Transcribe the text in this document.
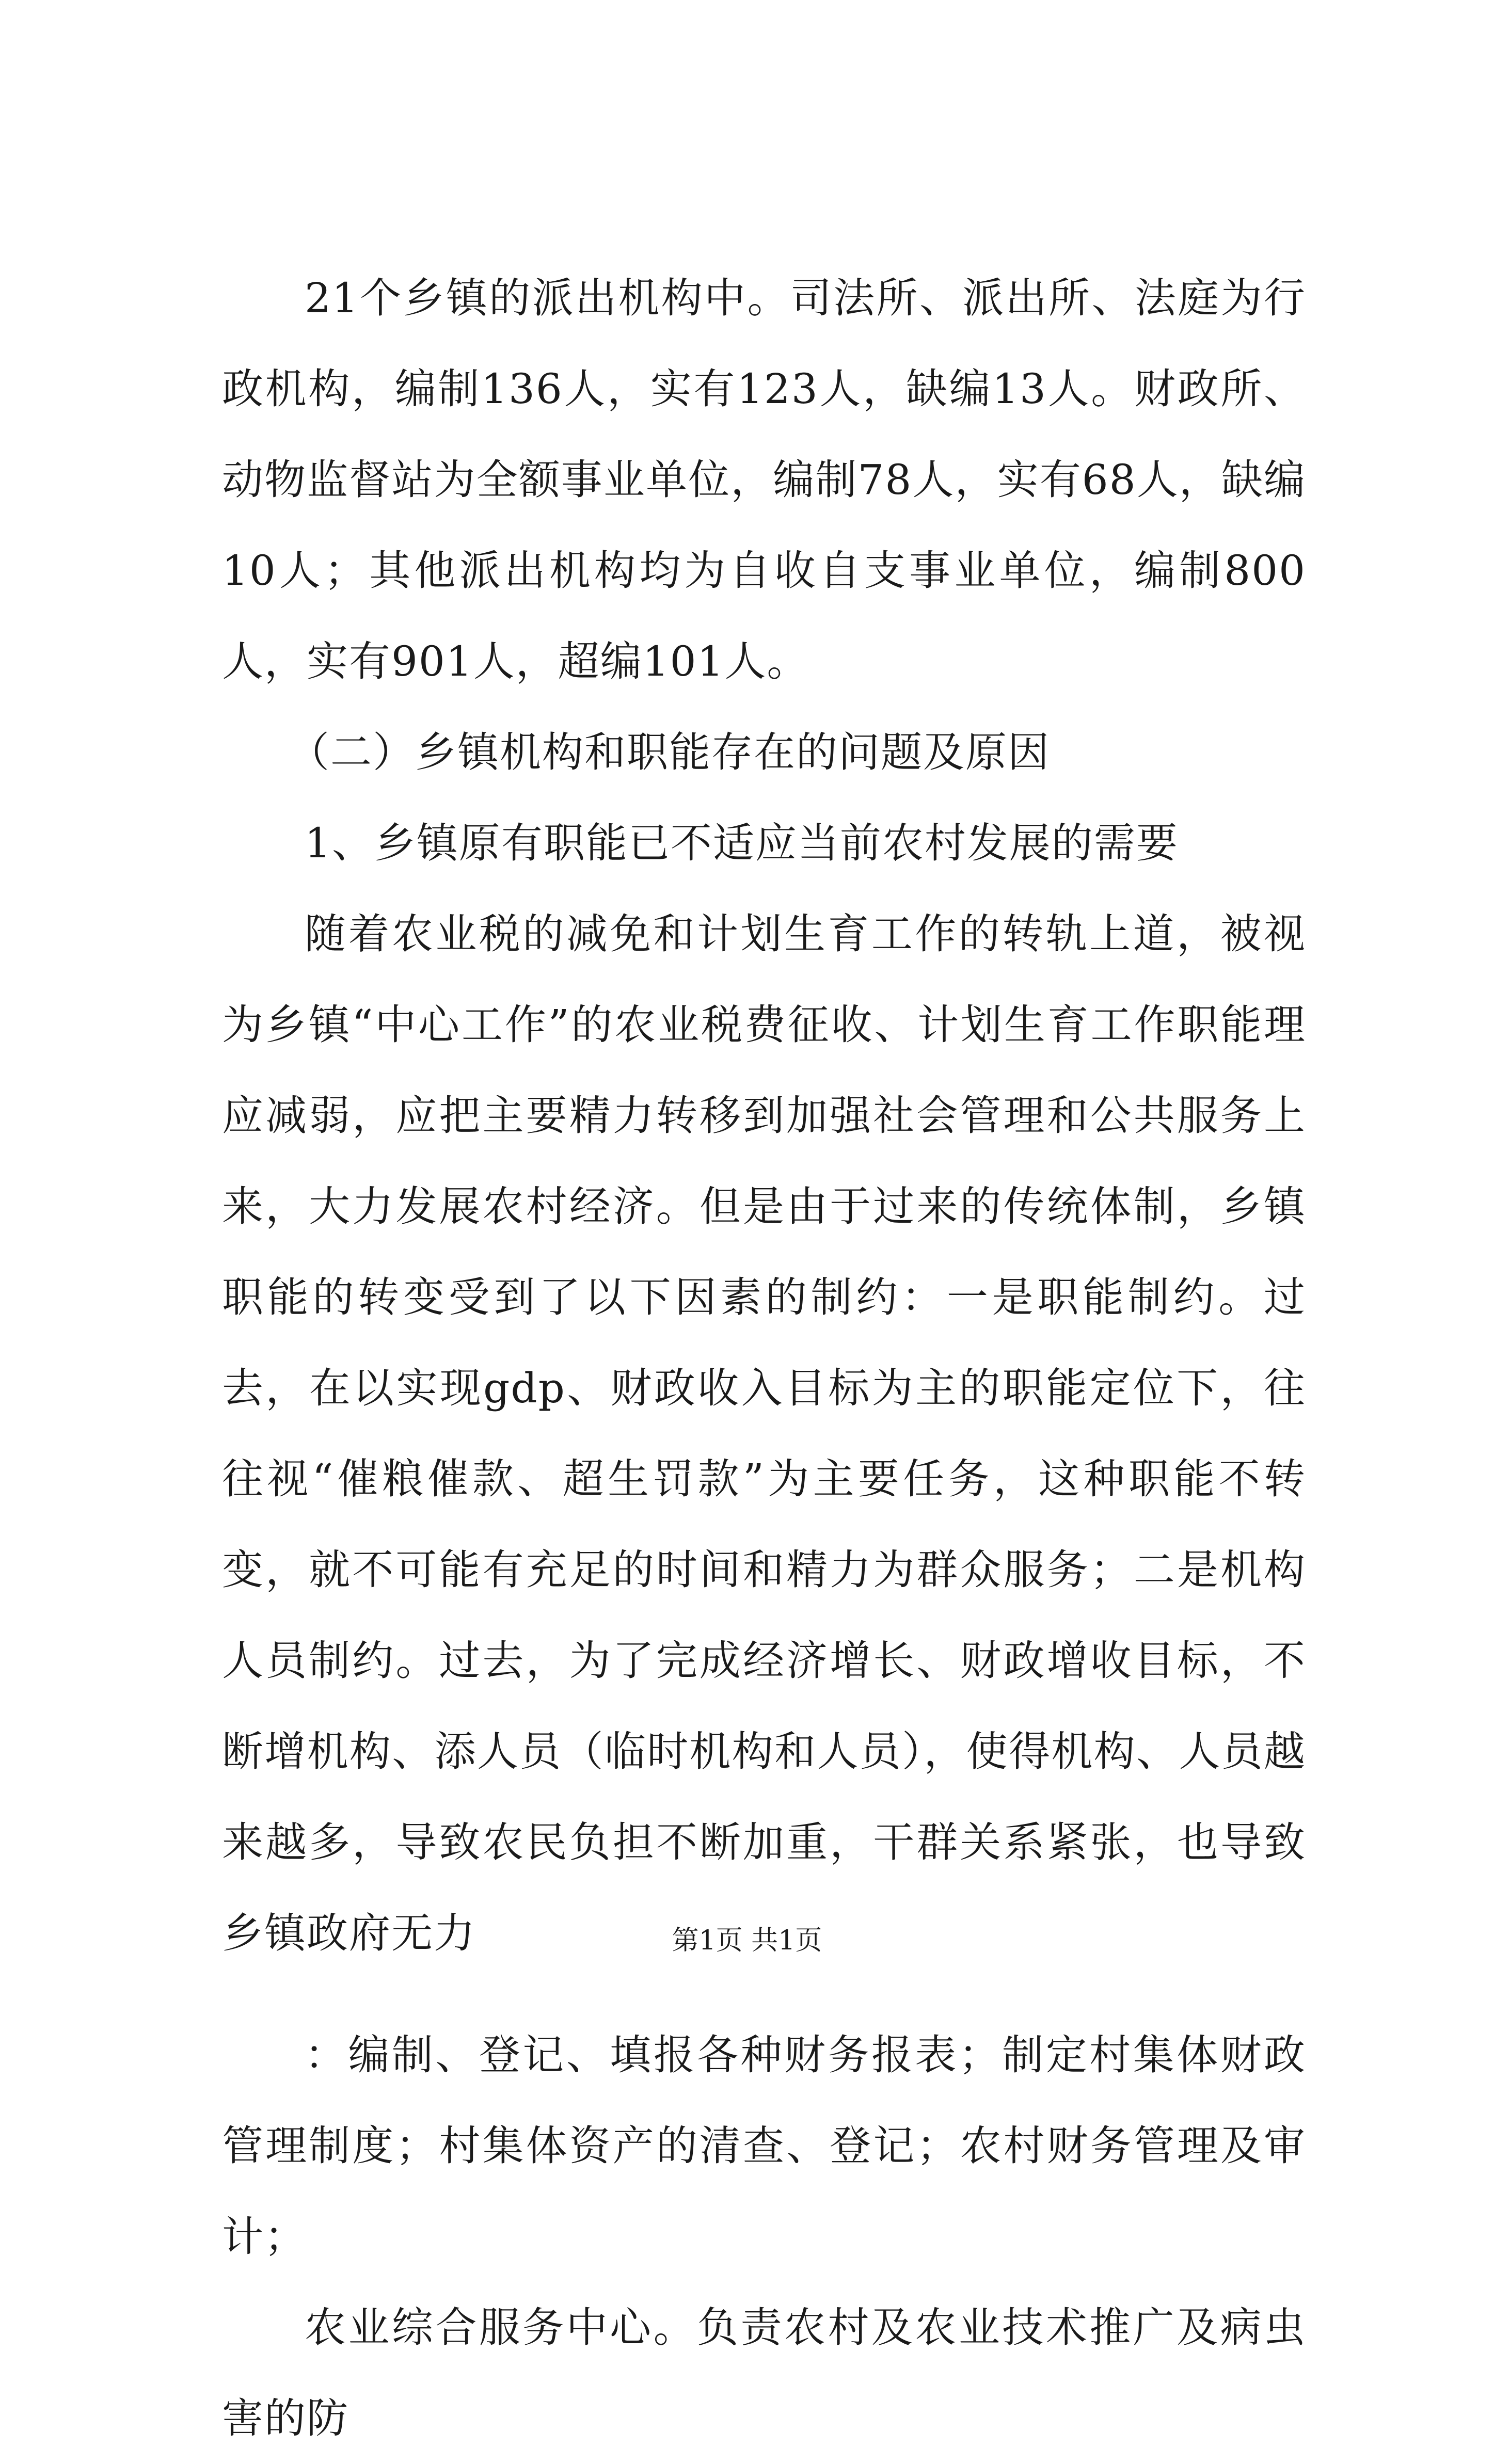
21个乡镇的派出机构中。司法所、派出所、法庭为行政机构，编制136人，实有123人，缺编13人。财政所、动物监督站为全额事业单位，编制78人，实有68人，缺编10人；其他派出机构均为自收自支事业单位，编制800人，实有901人，超编101人。

（二）乡镇机构和职能存在的问题及原因

1、乡镇原有职能已不适应当前农村发展的需要

随着农业税的减免和计划生育工作的转轨上道，被视为乡镇“中心工作”的农业税费征收、计划生育工作职能理应减弱，应把主要精力转移到加强社会管理和公共服务上来，大力发展农村经济。但是由于过来的传统体制，乡镇职能的转变受到了以下因素的制约：一是职能制约。过去，在以实现gdp、财政收入目标为主的职能定位下，往往视“催粮催款、超生罚款”为主要任务，这种职能不转变，就不可能有充足的时间和精力为群众服务；二是机构人员制约。过去，为了完成经济增长、财政增收目标，不断增机构、添人员（临时机构和人员），使得机构、人员越来越多，导致农民负担不断加重，干群关系紧张，也导致乡镇政府无力

：编制、登记、填报各种财务报表；制定村集体财政管理制度；村集体资产的清查、登记；农村财务管理及审计；

农业综合服务中心。负责农村及农业技术推广及病虫害的防

第1页 共1页
